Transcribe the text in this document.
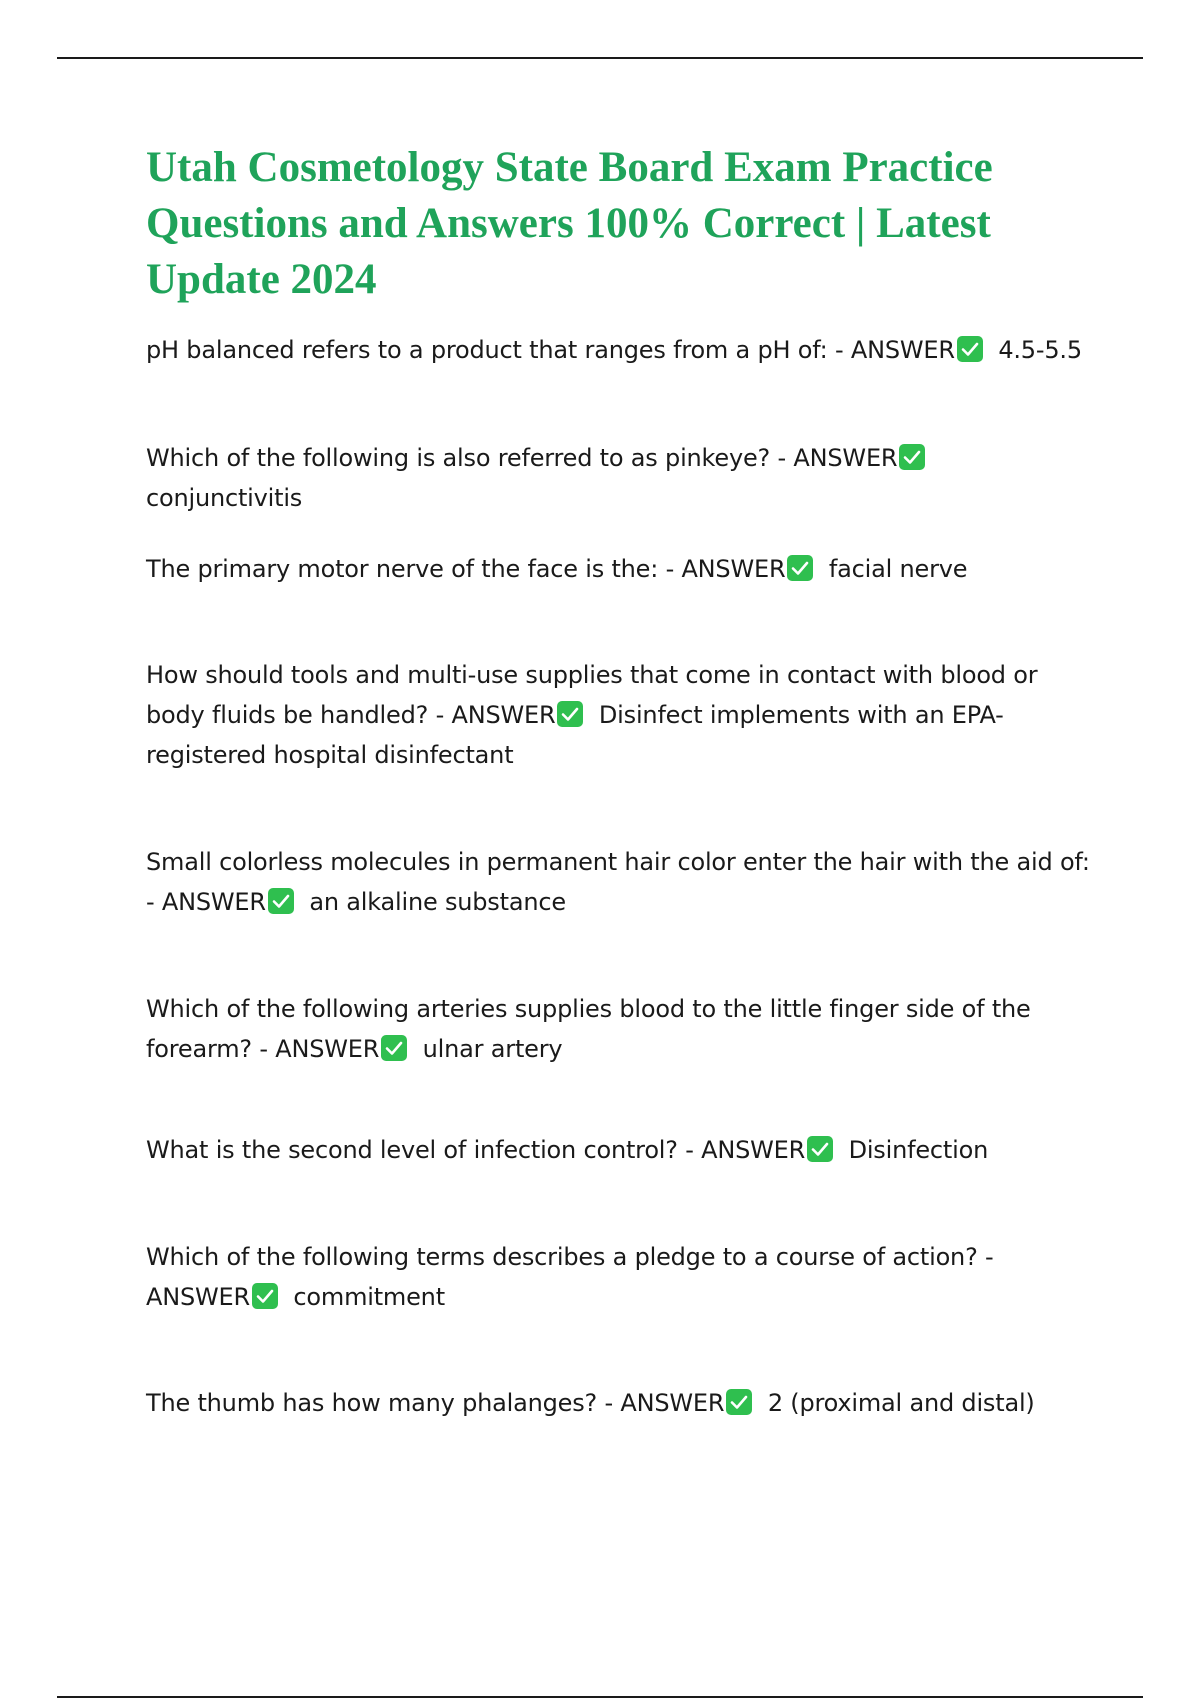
Utah Cosmetology State Board Exam Practice Questions and Answers 100% Correct | Latest Update 2024
pH balanced refers to a product that ranges from a pH of: - ANSWER 4.5-5.5
Which of the following is also referred to as pinkeye? - ANSWER
conjunctivitis
The primary motor nerve of the face is the: - ANSWER facial nerve
How should tools and multi-use supplies that come in contact with blood or body fluids be handled? - ANSWER Disinfect implements with an EPA-registered hospital disinfectant
Small colorless molecules in permanent hair color enter the hair with the aid of: - ANSWER an alkaline substance
Which of the following arteries supplies blood to the little finger side of the forearm? - ANSWER ulnar artery
What is the second level of infection control? - ANSWER Disinfection
Which of the following terms describes a pledge to a course of action? - ANSWER commitment
The thumb has how many phalanges? - ANSWER 2 (proximal and distal)
